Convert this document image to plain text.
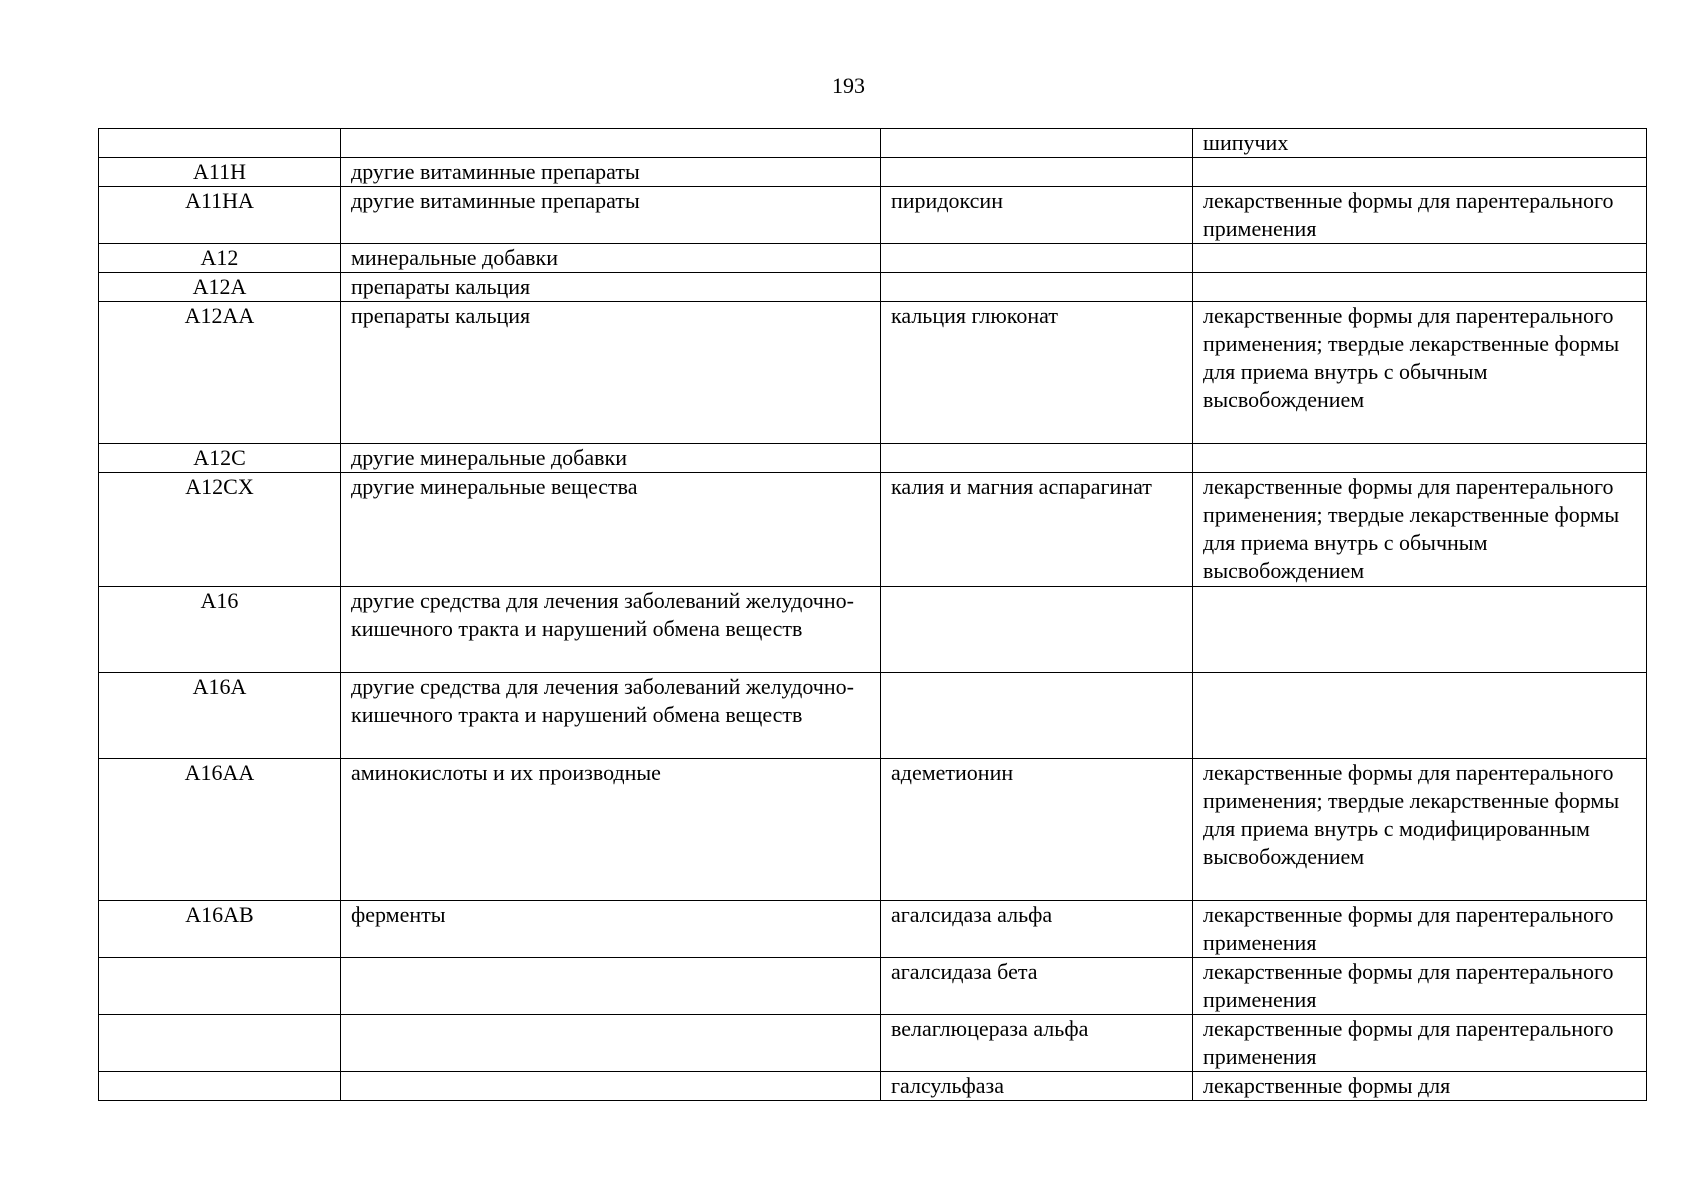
193
			шипучих
A11H	другие витаминные препараты		
A11HA	другие витаминные препараты	пиридоксин	лекарственные формы для парентерального применения
A12	минеральные добавки		
A12A	препараты кальция		
A12AA	препараты кальция	кальция глюконат	лекарственные формы для парентерального применения; твердые лекарственные формы для приема внутрь с обычным высвобождением
A12C	другие минеральные добавки		
A12CX	другие минеральные вещества	калия и магния аспарагинат	лекарственные формы для парентерального применения; твердые лекарственные формы для приема внутрь с обычным высвобождением
A16	другие средства для лечения заболеваний желудочно-кишечного тракта и нарушений обмена веществ		
A16A	другие средства для лечения заболеваний желудочно-кишечного тракта и нарушений обмена веществ		
A16AA	аминокислоты и их производные	адеметионин	лекарственные формы для парентерального применения; твердые лекарственные формы для приема внутрь с модифицированным высвобождением
A16AB	ферменты	агалсидаза альфа	лекарственные формы для парентерального применения
		агалсидаза бета	лекарственные формы для парентерального применения
		велаглюцераза альфа	лекарственные формы для парентерального применения
		галсульфаза	лекарственные формы для
